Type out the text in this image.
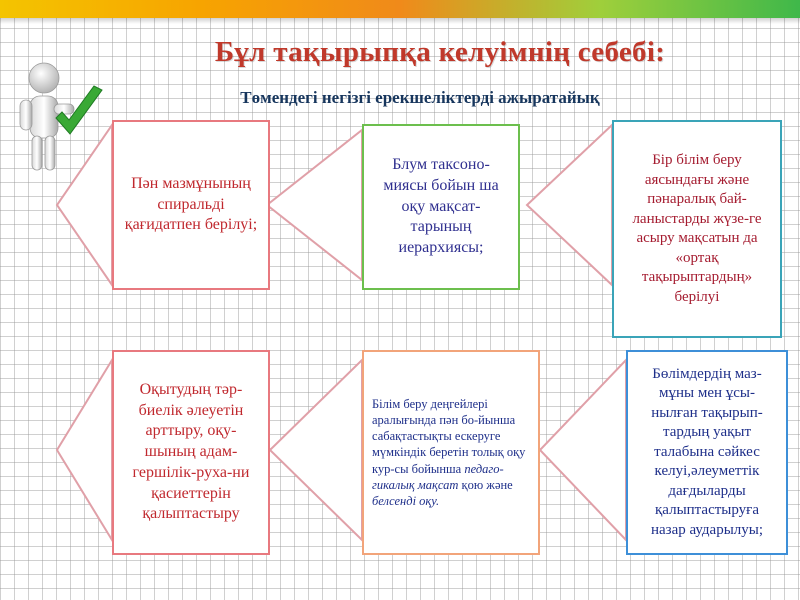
Бұл тақырыпқа келуімнің себебі:
Төмендегі негізгі ерекшеліктерді ажыратайық

Пән мазмұнының спиральді қағидатпен берілуі;

Блум таксоно-миясы бойын ша оқу мақсат-тарының иерархиясы;

Бір білім беру аясындағы және пәнаралық бай-ланыстарды жүзе-ге асыру мақсатын да «ортақ тақырыптардың» берілуі

Оқытудың тәр-биелік әлеуетін арттыру, оқу-шының адам-гершілік-руха-ни қасиеттерін қалыптастыру

Білім беру деңгейлері аралығында пән бо-йынша сабақтастықты ескеруге мүмкіндік беретін толық оқу кур-сы бойынша педаго-гикалық мақсат қою және белсенді оқу.

Бөлімдердің маз-мұны мен ұсы-нылған тақырып-тардың уақыт талабына сәйкес келуі,әлеуметтік дағдыларды қалыптастыруға назар аударылуы;
